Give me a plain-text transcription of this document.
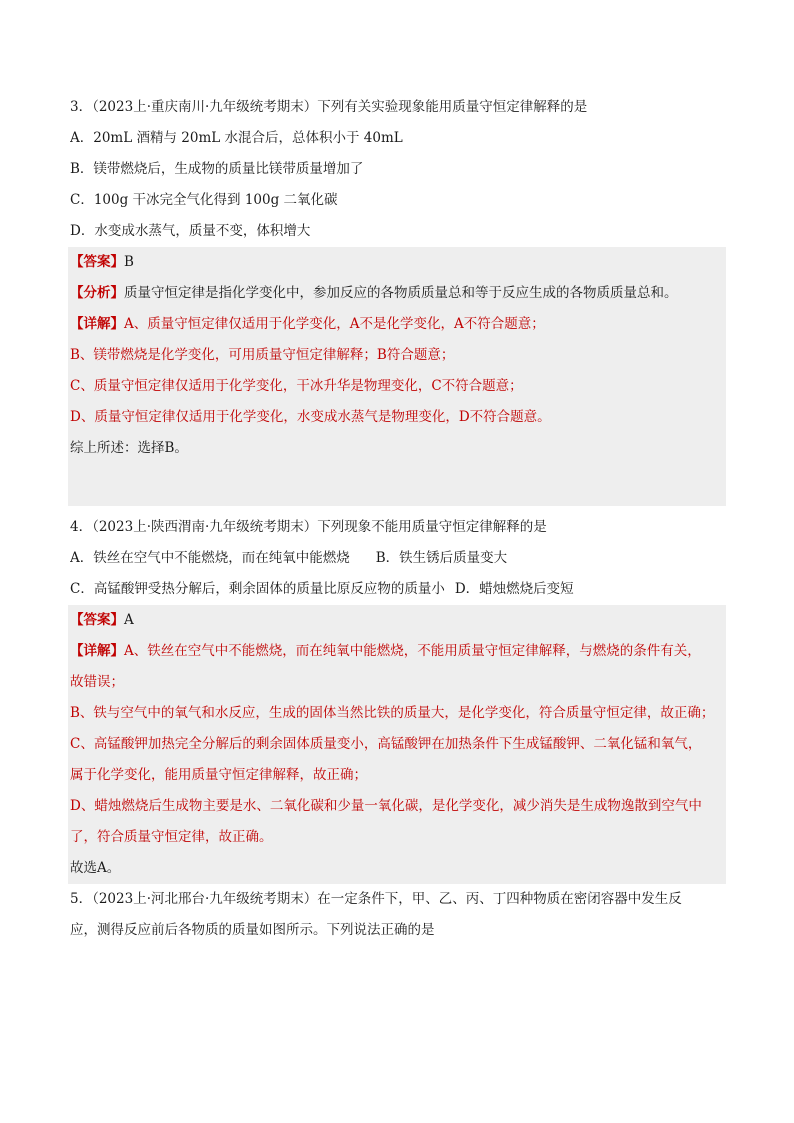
3．（2023上·重庆南川·九年级统考期末）下列有关实验现象能用质量守恒定律解释的是
A．20mL 酒精与 20mL 水混合后，总体积小于 40mL
B．镁带燃烧后，生成物的质量比镁带质量增加了
C．100g 干冰完全气化得到 100g 二氧化碳
D．水变成水蒸气，质量不变，体积增大
【答案】B
【分析】质量守恒定律是指化学变化中，参加反应的各物质质量总和等于反应生成的各物质质量总和。
【详解】A、质量守恒定律仅适用于化学变化，A不是化学变化，A不符合题意；
B、镁带燃烧是化学变化，可用质量守恒定律解释；B符合题意；
C、质量守恒定律仅适用于化学变化，干冰升华是物理变化，C不符合题意；
D、质量守恒定律仅适用于化学变化，水变成水蒸气是物理变化，D不符合题意。
综上所述：选择B。
4．（2023上·陕西渭南·九年级统考期末）下列现象不能用质量守恒定律解释的是
A．铁丝在空气中不能燃烧，而在纯氧中能燃烧 B．铁生锈后质量变大
C．高锰酸钾受热分解后，剩余固体的质量比原反应物的质量小 D．蜡烛燃烧后变短
【答案】A
【详解】A、铁丝在空气中不能燃烧，而在纯氧中能燃烧，不能用质量守恒定律解释，与燃烧的条件有关，
故错误；
B、铁与空气中的氧气和水反应，生成的固体当然比铁的质量大，是化学变化，符合质量守恒定律，故正确；
C、高锰酸钾加热完全分解后的剩余固体质量变小，高锰酸钾在加热条件下生成锰酸钾、二氧化锰和氧气，
属于化学变化，能用质量守恒定律解释，故正确；
D、蜡烛燃烧后生成物主要是水、二氧化碳和少量一氧化碳，是化学变化，减少消失是生成物逸散到空气中
了，符合质量守恒定律，故正确。
故选A。
5．（2023上·河北邢台·九年级统考期末）在一定条件下，甲、乙、丙、丁四种物质在密闭容器中发生反
应，测得反应前后各物质的质量如图所示。下列说法正确的是
